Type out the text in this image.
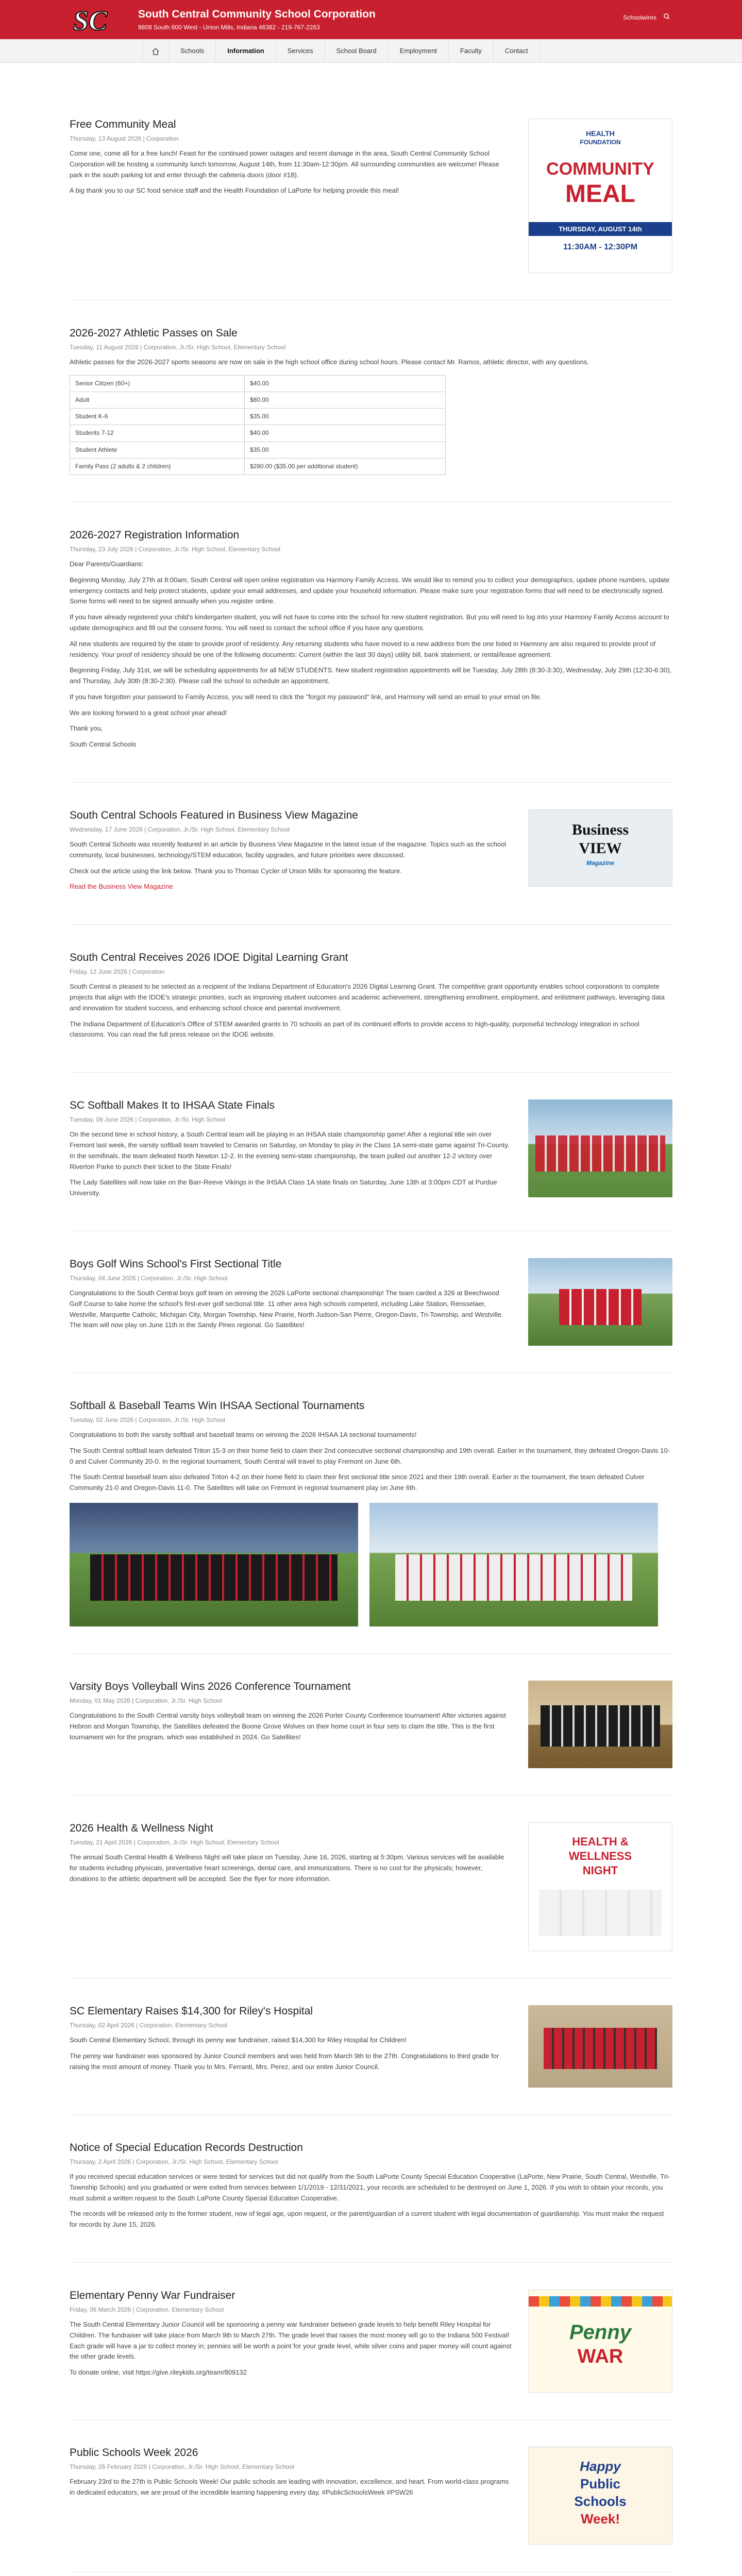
SC	South Central Community School Corporation
9808 South 600 West - Union Mills, Indiana 46382 - 219-767-2263
Schoolwires
Schools	Information	Services	School Board	Employment	Faculty	Contact
Free Community Meal
Thursday, 13 August 2026 | Corporation

Come one, come all for a free lunch! Feast for the continued power outages and recent damage in the area, South Central Community School Corporation will be hosting a community lunch tomorrow, August 14th, from 11:30am-12:30pm. All surrounding communities are welcome! Please park in the south parking lot and enter through the cafeteria doors (door #18).

A big thank you to our SC food service staff and the Health Foundation of LaPorte for helping provide this meal!

HEALTH
FOUNDATION
COMMUNITY
MEAL
THURSDAY, AUGUST 14th
11:30AM - 12:30PM
2026-2027 Athletic Passes on Sale
Tuesday, 11 August 2026 | Corporation, Jr./Sr. High School, Elementary School

Athletic passes for the 2026-2027 sports seasons are now on sale in the high school office during school hours. Please contact Mr. Ramos, athletic director, with any questions.

Senior Citizen (60+)	$40.00
Adult	$80.00
Student K-6	$35.00
Students 7-12	$40.00
Student Athlete	$35.00
Family Pass (2 adults & 2 children)	$280.00 ($35.00 per additional student)
2026-2027 Registration Information
Thursday, 23 July 2026 | Corporation, Jr./Sr. High School, Elementary School

Dear Parents/Guardians:

Beginning Monday, July 27th at 8:00am, South Central will open online registration via Harmony Family Access. We would like to remind you to collect your demographics, update phone numbers, update emergency contacts and help protect students, update your email addresses, and update your household information. Please make sure your registration forms that will need to be electronically signed. Some forms will need to be signed annually when you register online.

If you have already registered your child's kindergarten student, you will not have to come into the school for new student registration. But you will need to log into your Harmony Family Access account to update demographics and fill out the consent forms. You will need to contact the school office if you have any questions.

All new students are required by the state to provide proof of residency. Any returning students who have moved to a new address from the one listed in Harmony are also required to provide proof of residency. Your proof of residency should be one of the following documents: Current (within the last 30 days) utility bill, bank statement, or rental/lease agreement.

Beginning Friday, July 31st, we will be scheduling appointments for all NEW STUDENTS. New student registration appointments will be Tuesday, July 28th (8:30-3:30), Wednesday, July 29th (12:30-6:30), and Thursday, July 30th (8:30-2:30). Please call the school to schedule an appointment.

If you have forgotten your password to Family Access, you will need to click the "forgot my password" link, and Harmony will send an email to your email on file.

We are looking forward to a great school year ahead!

Thank you,

South Central Schools

South Central Schools Featured in Business View Magazine
Wednesday, 17 June 2026 | Corporation, Jr./Sr. High School, Elementary School

South Central Schools was recently featured in an article by Business View Magazine in the latest issue of the magazine. Topics such as the school community, local businesses, technology/STEM education, facility upgrades, and future priorities were discussed.

Check out the article using the link below. Thank you to Thomas Cycler of Union Mills for sponsoring the feature.

Read the Business View Magazine

Business
VIEW
Magazine
South Central Receives 2026 IDOE Digital Learning Grant
Friday, 12 June 2026 | Corporation

South Central is pleased to be selected as a recipient of the Indiana Department of Education's 2026 Digital Learning Grant. The competitive grant opportunity enables school corporations to complete projects that align with the IDOE's strategic priorities, such as improving student outcomes and academic achievement, strengthening enrollment, employment, and enlistment pathways, leveraging data and innovation for student success, and enhancing school choice and parental involvement.

The Indiana Department of Education's Office of STEM awarded grants to 70 schools as part of its continued efforts to provide access to high-quality, purposeful technology integration in school classrooms. You can read the full press release on the IDOE website.

SC Softball Makes It to IHSAA State Finals
Tuesday, 09 June 2026 | Corporation, Jr./Sr. High School

On the second time in school history, a South Central team will be playing in an IHSAA state championship game! After a regional title win over Fremont last week, the varsity softball team traveled to Cenanis on Saturday, on Monday to play in the Class 1A semi-state game against Tri-County. In the semifinals, the team defeated North Newton 12-2. In the evening semi-state championship, the team pulled out another 12-2 victory over Riverton Parke to punch their ticket to the State Finals!

The Lady Satellites will now take on the Barr-Reeve Vikings in the IHSAA Class 1A state finals on Saturday, June 13th at 3:00pm CDT at Purdue University.

Boys Golf Wins School's First Sectional Title
Thursday, 04 June 2026 | Corporation, Jr./Sr. High School

Congratulations to the South Central boys golf team on winning the 2026 LaPorte sectional championship! The team carded a 326 at Beechwood Golf Course to take home the school's first-ever golf sectional title. 11 other area high schools competed, including Lake Station, Rensselaer, Westville, Marquette Catholic, Michigan City, Morgan Township, New Prairie, North Judson-San Pierre, Oregon-Davis, Tri-Township, and Westville. The team will now play on June 11th in the Sandy Pines regional. Go Satellites!

Softball & Baseball Teams Win IHSAA Sectional Tournaments
Tuesday, 02 June 2026 | Corporation, Jr./Sr. High School

Congratulations to both the varsity softball and baseball teams on winning the 2026 IHSAA 1A sectional tournaments!

The South Central softball team defeated Triton 15-3 on their home field to claim their 2nd consecutive sectional championship and 19th overall. Earlier in the tournament, they defeated Oregon-Davis 10-0 and Culver Community 20-0. In the regional tournament, South Central will travel to play Fremont on June 6th.

The South Central baseball team also defeated Triton 4-2 on their home field to claim their first sectional title since 2021 and their 19th overall. Earlier in the tournament, the team defeated Culver Community 21-0 and Oregon-Davis 11-0. The Satellites will take on Fremont in regional tournament play on June 6th.

Varsity Boys Volleyball Wins 2026 Conference Tournament
Monday, 01 May 2026 | Corporation, Jr./Sr. High School

Congratulations to the South Central varsity boys volleyball team on winning the 2026 Porter County Conference tournament! After victories against Hebron and Morgan Township, the Satellites defeated the Boone Grove Wolves on their home court in four sets to claim the title. This is the first tournament win for the program, which was established in 2024. Go Satellites!

2026 Health & Wellness Night
Tuesday, 21 April 2026 | Corporation, Jr./Sr. High School, Elementary School

The annual South Central Health & Wellness Night will take place on Tuesday, June 16, 2026, starting at 5:30pm. Various services will be available for students including physicals, preventative heart screenings, dental care, and immunizations. There is no cost for the physicals; however, donations to the athletic department will be accepted. See the flyer for more information.

HEALTH &
WELLNESS
NIGHT
SC Elementary Raises $14,300 for Riley's Hospital
Thursday, 02 April 2026 | Corporation, Elementary School

South Central Elementary School, through its penny war fundraiser, raised $14,300 for Riley Hospital for Children!

The penny war fundraiser was sponsored by Junior Council members and was held from March 9th to the 27th. Congratulations to third grade for raising the most amount of money. Thank you to Mrs. Ferranti, Mrs. Perez, and our entire Junior Council.

Notice of Special Education Records Destruction
Thursday, 2 April 2026 | Corporation, Jr./Sr. High School, Elementary School

If you received special education services or were tested for services but did not qualify from the South LaPorte County Special Education Cooperative (LaPorte, New Prairie, South Central, Westville, Tri-Township Schools) and you graduated or were exited from services between 1/1/2019 - 12/31/2021, your records are scheduled to be destroyed on June 1, 2026. If you wish to obtain your records, you must submit a written request to the South LaPorte County Special Education Cooperative.

The records will be released only to the former student, now of legal age, upon request, or the parent/guardian of a current student with legal documentation of guardianship. You must make the request for records by June 15, 2026.

Elementary Penny War Fundraiser
Friday, 06 March 2026 | Corporation, Elementary School

The South Central Elementary Junior Council will be sponsoring a penny war fundraiser between grade levels to help benefit Riley Hospital for Children. The fundraiser will take place from March 9th to March 27th. The grade level that raises the most money will go to the Indiana 500 Festival! Each grade will have a jar to collect money in; pennies will be worth a point for your grade level, while silver coins and paper money will count against the other grade levels.

To donate online, visit https://give.rileykids.org/team/809132

Penny
WAR
Public Schools Week 2026
Thursday, 26 February 2026 | Corporation, Jr./Sr. High School, Elementary School

February 23rd to the 27th is Public Schools Week! Our public schools are leading with innovation, excellence, and heart. From world-class programs in dedicated educators, we are proud of the incredible learning happening every day. #PublicSchoolsWeek #PSW26

Happy
Public
Schools
Week!
